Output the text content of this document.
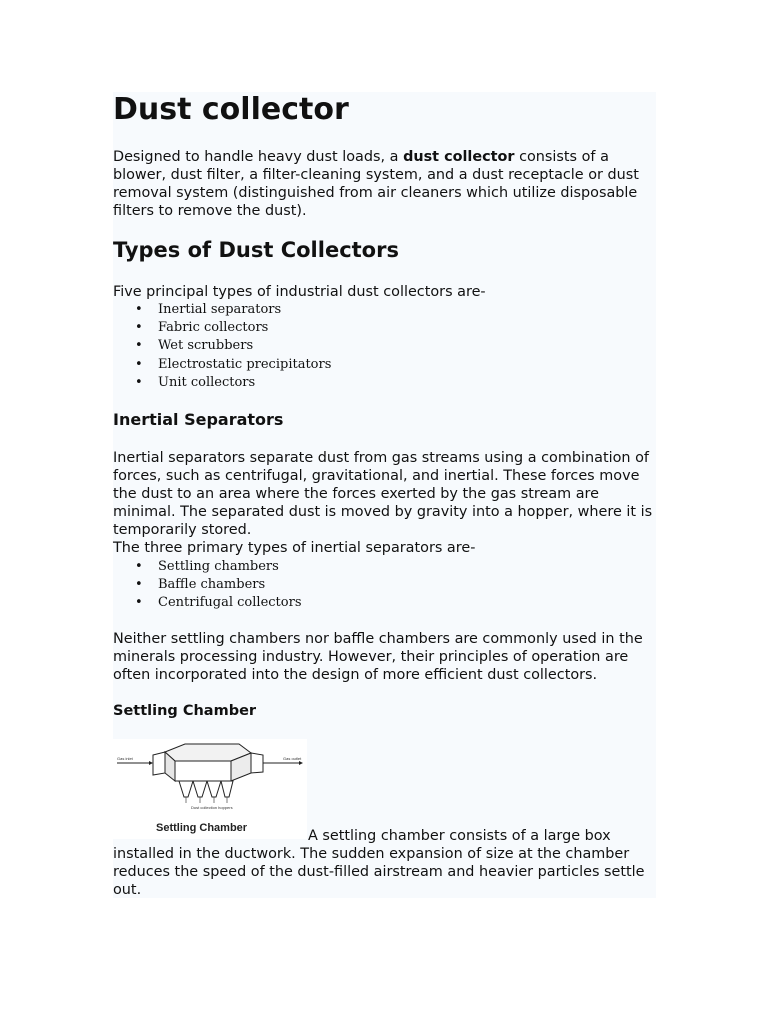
Dust collector

Designed to handle heavy dust loads, a dust collector consists of a blower, dust filter, a filter-cleaning system, and a dust receptacle or dust removal system (distinguished from air cleaners which utilize disposable filters to remove the dust).

Types of Dust Collectors

Five principal types of industrial dust collectors are-

• Inertial separators
• Fabric collectors
• Wet scrubbers
• Electrostatic precipitators
• Unit collectors
Inertial Separators

Inertial separators separate dust from gas streams using a combination of forces, such as centrifugal, gravitational, and inertial. These forces move the dust to an area where the forces exerted by the gas stream are minimal. The separated dust is moved by gravity into a hopper, where it is temporarily stored.

The three primary types of inertial separators are-

• Settling chambers
• Baffle chambers
• Centrifugal collectors

Neither settling chambers nor baffle chambers are commonly used in the minerals processing industry. However, their principles of operation are often incorporated into the design of more efficient dust collectors.

Settling Chamber
Gas inlet	Gas outlet
Dust collection hoppers
Settling Chamber	A settling chamber consists of a large box installed in the ductwork. The sudden expansion of size at the chamber reduces the speed of the dust-filled airstream and heavier particles settle out.
